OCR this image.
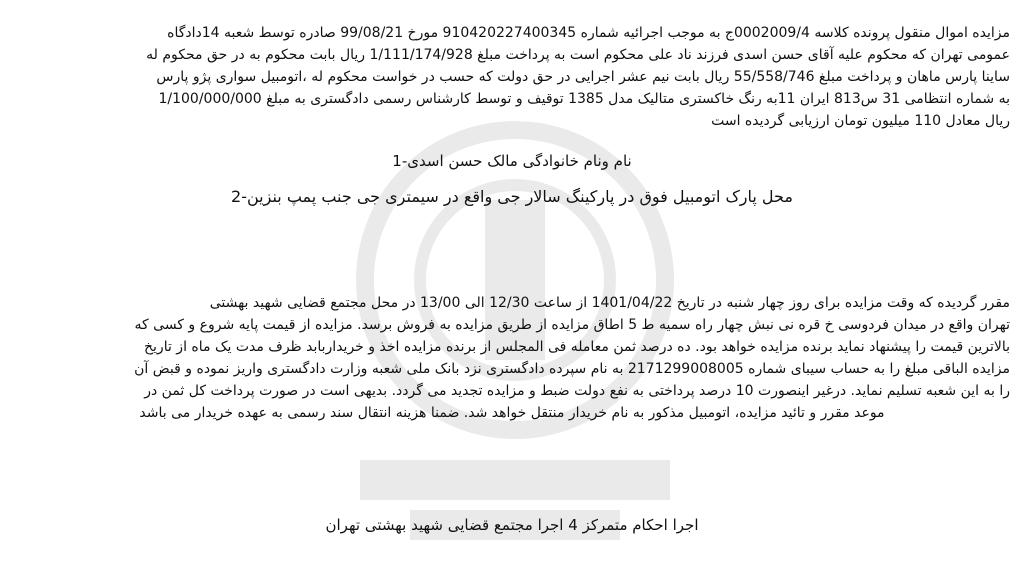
مزایده اموال منقول پرونده کلاسه 0002009/4ج به موجب اجرائیه شماره 910420227400345 مورخ 99/08/21 صادره توسط شعبه 14دادگاه
عمومی تهران که محکوم علیه آقای حسن اسدی فرزند ناد علی محکوم است به پرداخت مبلغ 1/111/174/928 ریال بابت محکوم به در حق محکوم له
ساینا پارس ماهان و پرداخت مبلغ 55/558/746 ریال بابت نیم عشر اجرایی در حق دولت که حسب در خواست محکوم له ،اتومبیل سواری پژو پارس
به شماره انتظامی 31 س813 ایران 11به رنگ خاکستری متالیک مدل 1385 توقیف و توسط کارشناس رسمی دادگستری به مبلغ 1/100/000/000
ریال معادل 110 میلیون تومان ارزیابی گردیده است
نام ونام خانوادگی مالک حسن اسدی-1
محل پارک اتومبیل فوق در پارکینگ سالار جی واقع در سیمتری جی جنب پمپ بنزین-2
مقرر گردیده که وقت مزایده برای روز چهار شنبه در تاریخ 1401/04/22 از ساعت 12/30 الی 13/00 در محل مجتمع قضایی شهید بهشتی
تهران واقع در میدان فردوسی خ قره نی نبش چهار راه سمیه ط 5 اطاق مزایده از طریق مزایده به فروش برسد. مزایده از قیمت پایه شروع و کسی که
بالاترین قیمت را پیشنهاد نماید برنده مزایده خواهد بود. ده درصد ثمن معامله فی المجلس از برنده مزایده اخذ و خریداربابد ظرف مدت یک ماه از تاریخ
مزایده الباقی مبلغ را به حساب سیبای شماره 2171299008005 به نام سپرده دادگستری نزد بانک ملی شعبه وزارت دادگستری واریز نموده و قبض آن
را به این شعبه تسلیم نماید. درغیر اینصورت 10 درصد پرداختی به نفع دولت ضبط و مزایده تجدید می گردد. بدیهی است در صورت پرداخت کل ثمن در
موعد مقرر و تائید مزایده، اتومبیل مذکور به نام خریدار منتقل خواهد شد. ضمنا هزینه انتقال سند رسمی به عهده خریدار می باشد
اجرا احکام متمرکز 4 اجرا مجتمع قضایی شهید بهشتی تهران
